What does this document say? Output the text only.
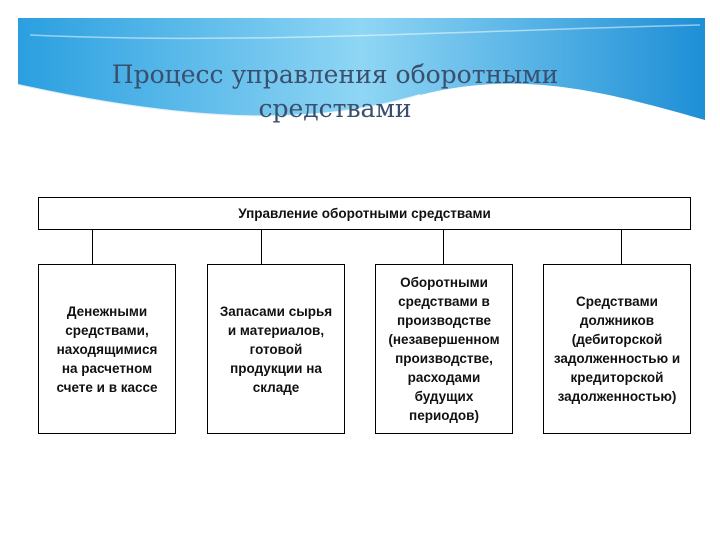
Процесс управления оборотными
средствами
Управление оборотными средствами
Денежными
средствами,
находящимися
на расчетном
счете и в кассе
Запасами сырья
и материалов,
готовой
продукции на
складе
Оборотными
средствами в
производстве
(незавершенном
производстве,
расходами
будущих
периодов)
Средствами
должников
(дебиторской
задолженностью и
кредиторской
задолженностью)
